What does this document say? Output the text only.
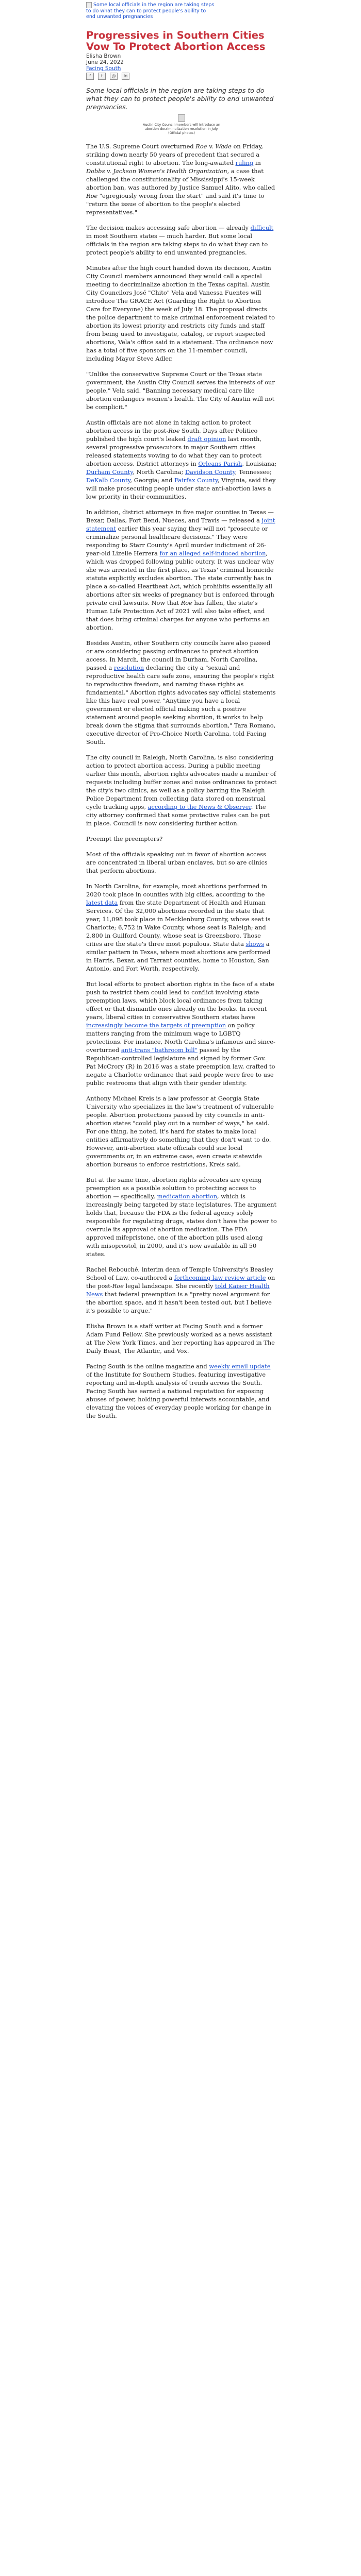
Some local officials in the region are taking steps to do what they can to protect people's ability to end unwanted pregnancies
Progressives in Southern Cities Vow To Protect Abortion Access
Elisha Brown
June 24, 2022
Facing South
f	t	@	in
Some local officials in the region are taking steps to do what they can to protect people's ability to end unwanted pregnancies.
Austin City Council members will introduce an abortion decriminalization resolution in July. (Official photos)

The U.S. Supreme Court overturned Roe v. Wade on Friday, striking down nearly 50 years of precedent that secured a constitutional right to abortion. The long-awaited ruling in Dobbs v. Jackson Women's Health Organization, a case that challenged the constitutionality of Mississippi's 15-week abortion ban, was authored by Justice Samuel Alito, who called Roe "egregiously wrong from the start" and said it's time to "return the issue of abortion to the people's elected representatives."

The decision makes accessing safe abortion — already difficult in most Southern states — much harder. But some local officials in the region are taking steps to do what they can to protect people's ability to end unwanted pregnancies.

Minutes after the high court handed down its decision, Austin City Council members announced they would call a special meeting to decriminalize abortion in the Texas capital. Austin City Councilors José "Chito" Vela and Vanessa Fuentes will introduce The GRACE Act (Guarding the Right to Abortion Care for Everyone) the week of July 18. The proposal directs the police department to make criminal enforcement related to abortion its lowest priority and restricts city funds and staff from being used to investigate, catalog, or report suspected abortions, Vela's office said in a statement. The ordinance now has a total of five sponsors on the 11-member council, including Mayor Steve Adler.

"Unlike the conservative Supreme Court or the Texas state government, the Austin City Council serves the interests of our people," Vela said. "Banning necessary medical care like abortion endangers women's health. The City of Austin will not be complicit."

Austin officials are not alone in taking action to protect abortion access in the post-Roe South. Days after Politico published the high court's leaked draft opinion last month, several progressive prosecutors in major Southern cities released statements vowing to do what they can to protect abortion access. District attorneys in Orleans Parish, Louisiana; Durham County, North Carolina; Davidson County, Tennessee; DeKalb County, Georgia; and Fairfax County, Virginia, said they will make prosecuting people under state anti-abortion laws a low priority in their communities.

In addition, district attorneys in five major counties in Texas — Bexar, Dallas, Fort Bend, Nueces, and Travis — released a joint statement earlier this year saying they will not "prosecute or criminalize personal healthcare decisions." They were responding to Starr County's April murder indictment of 26-year-old Lizelle Herrera for an alleged self-induced abortion, which was dropped following public outcry. It was unclear why she was arrested in the first place, as Texas' criminal homicide statute explicitly excludes abortion. The state currently has in place a so-called Heartbeat Act, which prohibits essentially all abortions after six weeks of pregnancy but is enforced through private civil lawsuits. Now that Roe has fallen, the state's Human Life Protection Act of 2021 will also take effect, and that does bring criminal charges for anyone who performs an abortion.

Besides Austin, other Southern city councils have also passed or are considering passing ordinances to protect abortion access. In March, the council in Durham, North Carolina, passed a resolution declaring the city a "sexual and reproductive health care safe zone, ensuring the people's right to reproductive freedom, and naming these rights as fundamental." Abortion rights advocates say official statements like this have real power. "Anytime you have a local government or elected official making such a positive statement around people seeking abortion, it works to help break down the stigma that surrounds abortion," Tara Romano, executive director of Pro-Choice North Carolina, told Facing South.

The city council in Raleigh, North Carolina, is also considering action to protect abortion access. During a public meeting earlier this month, abortion rights advocates made a number of requests including buffer zones and noise ordinances to protect the city's two clinics, as well as a policy barring the Raleigh Police Department from collecting data stored on menstrual cycle tracking apps, according to the News & Observer. The city attorney confirmed that some protective rules can be put in place. Council is now considering further action.

Preempt the preempters?

Most of the officials speaking out in favor of abortion access are concentrated in liberal urban enclaves, but so are clinics that perform abortions.

In North Carolina, for example, most abortions performed in 2020 took place in counties with big cities, according to the latest data from the state Department of Health and Human Services. Of the 32,000 abortions recorded in the state that year, 11,098 took place in Mecklenburg County, whose seat is Charlotte; 6,752 in Wake County, whose seat is Raleigh; and 2,800 in Guilford County, whose seat is Greensboro. Those cities are the state's three most populous. State data shows a similar pattern in Texas, where most abortions are performed in Harris, Bexar, and Tarrant counties, home to Houston, San Antonio, and Fort Worth, respectively.

But local efforts to protect abortion rights in the face of a state push to restrict them could lead to conflict involving state preemption laws, which block local ordinances from taking effect or that dismantle ones already on the books. In recent years, liberal cities in conservative Southern states have increasingly become the targets of preemption on policy matters ranging from the minimum wage to LGBTQ protections. For instance, North Carolina's infamous and since-overturned anti-trans "bathroom bill" passed by the Republican-controlled legislature and signed by former Gov. Pat McCrory (R) in 2016 was a state preemption law, crafted to negate a Charlotte ordinance that said people were free to use public restrooms that align with their gender identity.

Anthony Michael Kreis is a law professor at Georgia State University who specializes in the law's treatment of vulnerable people. Abortion protections passed by city councils in anti-abortion states "could play out in a number of ways," he said. For one thing, he noted, it's hard for states to make local entities affirmatively do something that they don't want to do. However, anti-abortion state officials could sue local governments or, in an extreme case, even create statewide abortion bureaus to enforce restrictions, Kreis said.

But at the same time, abortion rights advocates are eyeing preemption as a possible solution to protecting access to abortion — specifically, medication abortion, which is increasingly being targeted by state legislatures. The argument holds that, because the FDA is the federal agency solely responsible for regulating drugs, states don't have the power to overrule its approval of abortion medication. The FDA approved mifepristone, one of the abortion pills used along with misoprostol, in 2000, and it's now available in all 50 states.

Rachel Rebouché, interim dean of Temple University's Beasley School of Law, co-authored a forthcoming law review article on the post-Roe legal landscape. She recently told Kaiser Health News that federal preemption is a "pretty novel argument for the abortion space, and it hasn't been tested out, but I believe it's possible to argue."

Elisha Brown is a staff writer at Facing South and a former Adam Fund Fellow. She previously worked as a news assistant at The New York Times, and her reporting has appeared in The Daily Beast, The Atlantic, and Vox.

Facing South is the online magazine and weekly email update of the Institute for Southern Studies, featuring investigative reporting and in-depth analysis of trends across the South. Facing South has earned a national reputation for exposing abuses of power, holding powerful interests accountable, and elevating the voices of everyday people working for change in the South.
